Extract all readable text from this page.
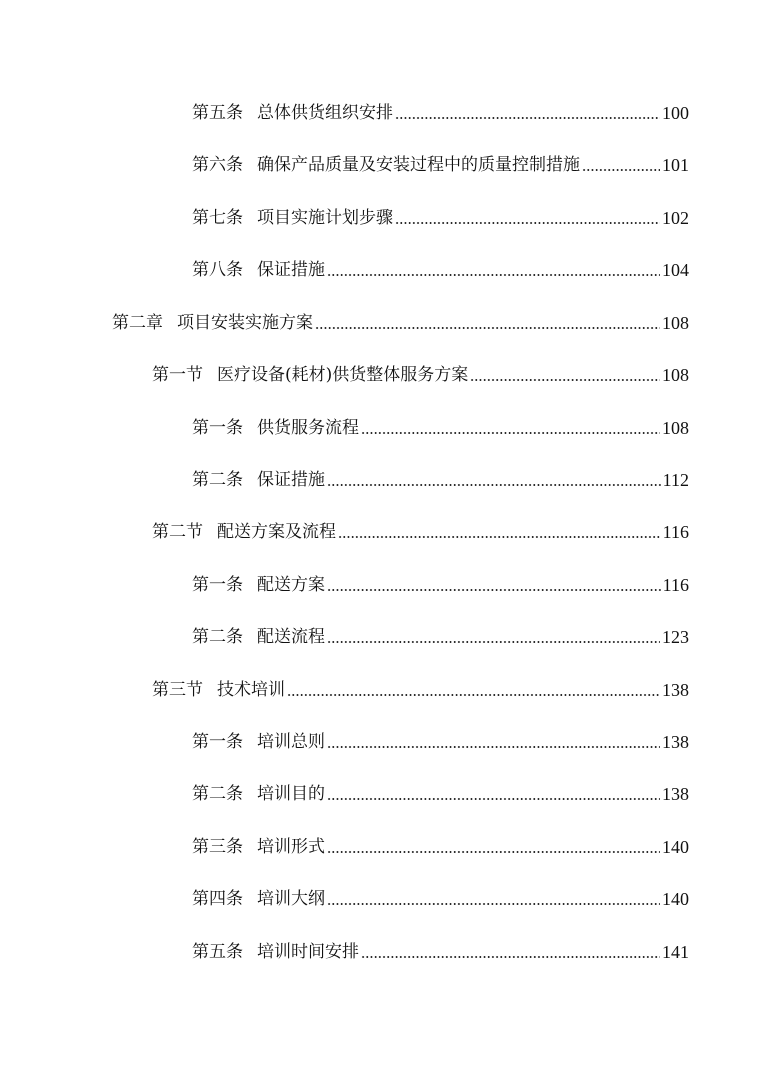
第五条 总体供货组织安排	100
第六条 确保产品质量及安装过程中的质量控制措施	101
第七条 项目实施计划步骤	102
第八条 保证措施	104
第二章 项目安装实施方案	108
第一节 医疗设备(耗材)供货整体服务方案	108
第一条 供货服务流程	108
第二条 保证措施	112
第二节 配送方案及流程	116
第一条 配送方案	116
第二条 配送流程	123
第三节 技术培训	138
第一条 培训总则	138
第二条 培训目的	138
第三条 培训形式	140
第四条 培训大纲	140
第五条 培训时间安排	141
